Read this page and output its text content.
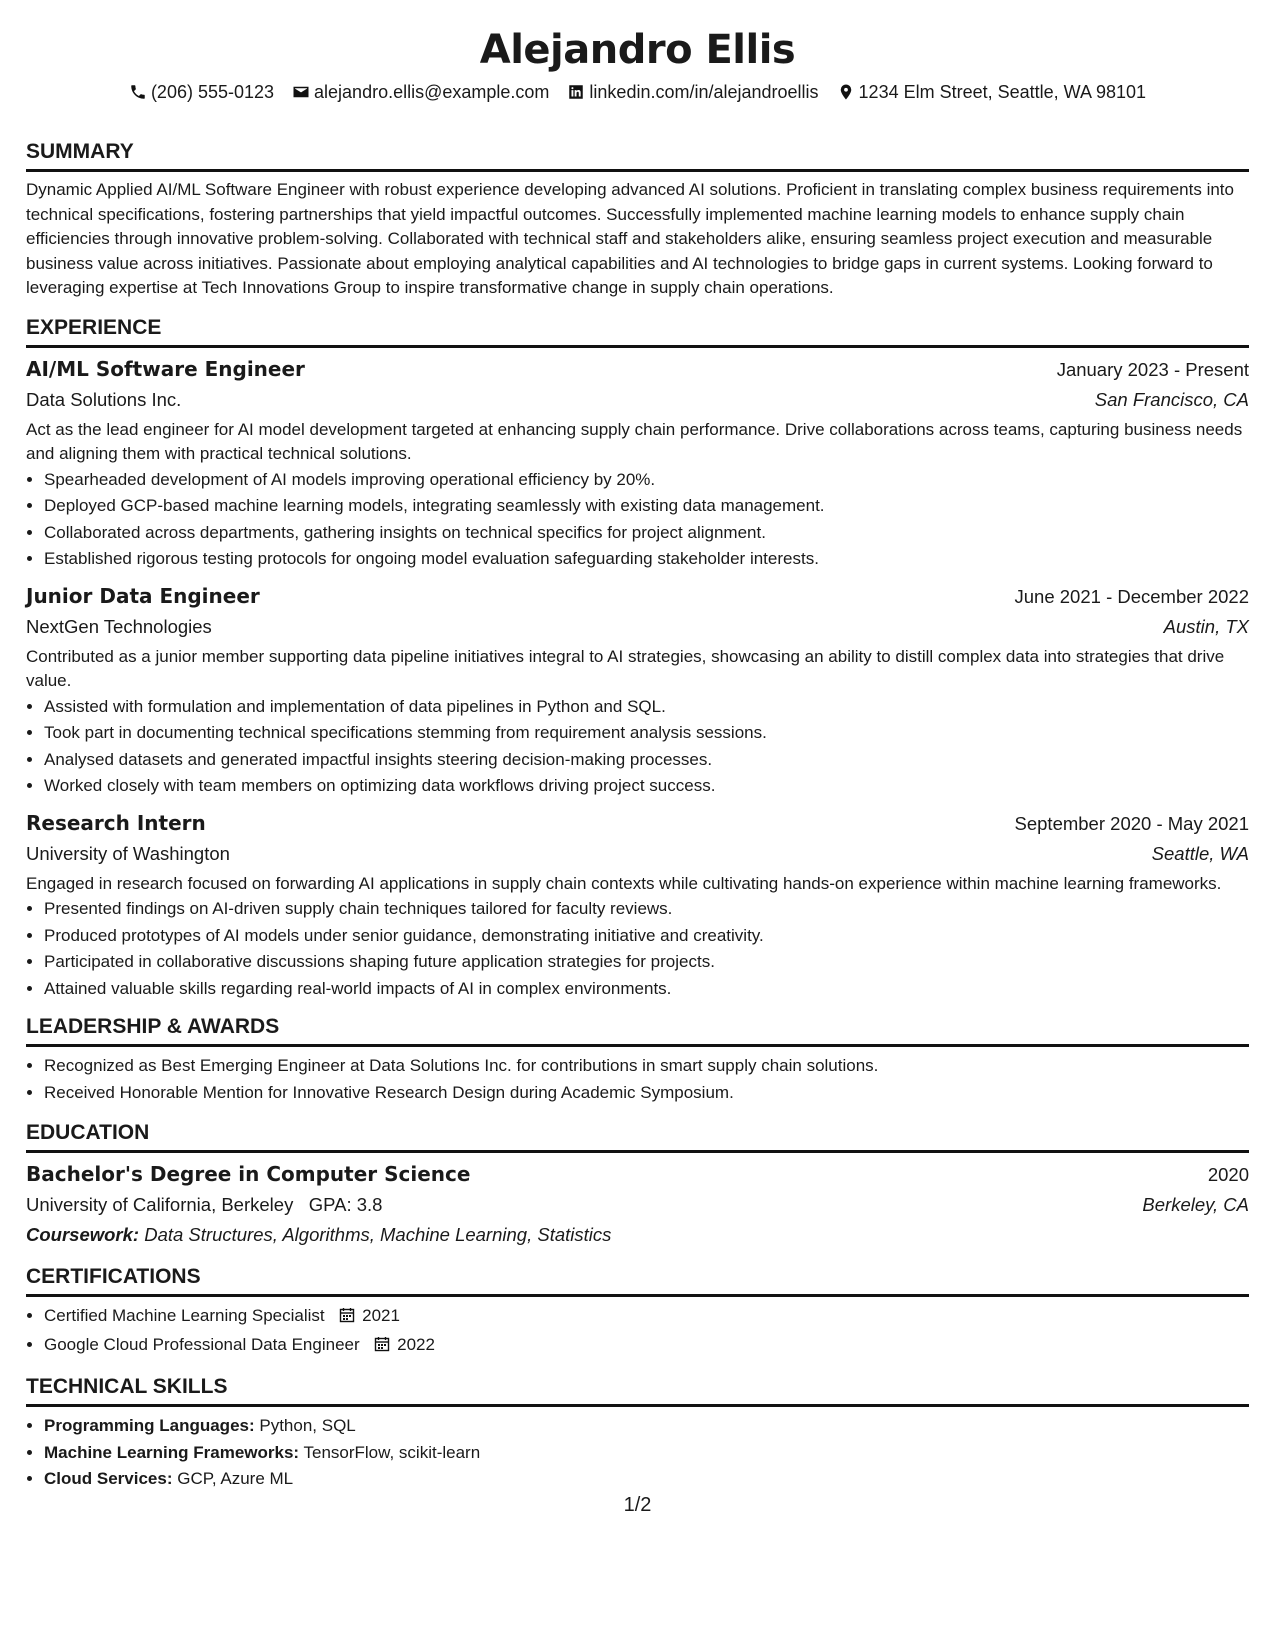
Alejandro Ellis
(206) 555-0123 alejandro.ellis@example.com linkedin.com/in/alejandroellis 1234 Elm Street, Seattle, WA 98101
SUMMARY
Dynamic Applied AI/ML Software Engineer with robust experience developing advanced AI solutions. Proficient in translating complex business requirements into technical specifications, fostering partnerships that yield impactful outcomes. Successfully implemented machine learning models to enhance supply chain efficiencies through innovative problem-solving. Collaborated with technical staff and stakeholders alike, ensuring seamless project execution and measurable business value across initiatives. Passionate about employing analytical capabilities and AI technologies to bridge gaps in current systems. Looking forward to leveraging expertise at Tech Innovations Group to inspire transformative change in supply chain operations.
EXPERIENCE
AI/ML Software Engineer	January 2023 - Present
Data Solutions Inc.	San Francisco, CA
Act as the lead engineer for AI model development targeted at enhancing supply chain performance. Drive collaborations across teams, capturing business needs and aligning them with practical technical solutions.
• Spearheaded development of AI models improving operational efficiency by 20%.
• Deployed GCP-based machine learning models, integrating seamlessly with existing data management.
• Collaborated across departments, gathering insights on technical specifics for project alignment.
• Established rigorous testing protocols for ongoing model evaluation safeguarding stakeholder interests.
Junior Data Engineer	June 2021 - December 2022
NextGen Technologies	Austin, TX
Contributed as a junior member supporting data pipeline initiatives integral to AI strategies, showcasing an ability to distill complex data into strategies that drive value.
• Assisted with formulation and implementation of data pipelines in Python and SQL.
• Took part in documenting technical specifications stemming from requirement analysis sessions.
• Analysed datasets and generated impactful insights steering decision-making processes.
• Worked closely with team members on optimizing data workflows driving project success.
Research Intern	September 2020 - May 2021
University of Washington	Seattle, WA
Engaged in research focused on forwarding AI applications in supply chain contexts while cultivating hands-on experience within machine learning frameworks.
• Presented findings on AI-driven supply chain techniques tailored for faculty reviews.
• Produced prototypes of AI models under senior guidance, demonstrating initiative and creativity.
• Participated in collaborative discussions shaping future application strategies for projects.
• Attained valuable skills regarding real-world impacts of AI in complex environments.
LEADERSHIP & AWARDS
• Recognized as Best Emerging Engineer at Data Solutions Inc. for contributions in smart supply chain solutions.
• Received Honorable Mention for Innovative Research Design during Academic Symposium.
EDUCATION
Bachelor's Degree in Computer Science	2020
University of California, Berkeley GPA: 3.8	Berkeley, CA
Coursework: Data Structures, Algorithms, Machine Learning, Statistics
CERTIFICATIONS
• Certified Machine Learning Specialist 2021
• Google Cloud Professional Data Engineer 2022
TECHNICAL SKILLS
• Programming Languages: Python, SQL
• Machine Learning Frameworks: TensorFlow, scikit-learn
• Cloud Services: GCP, Azure ML
1/2
